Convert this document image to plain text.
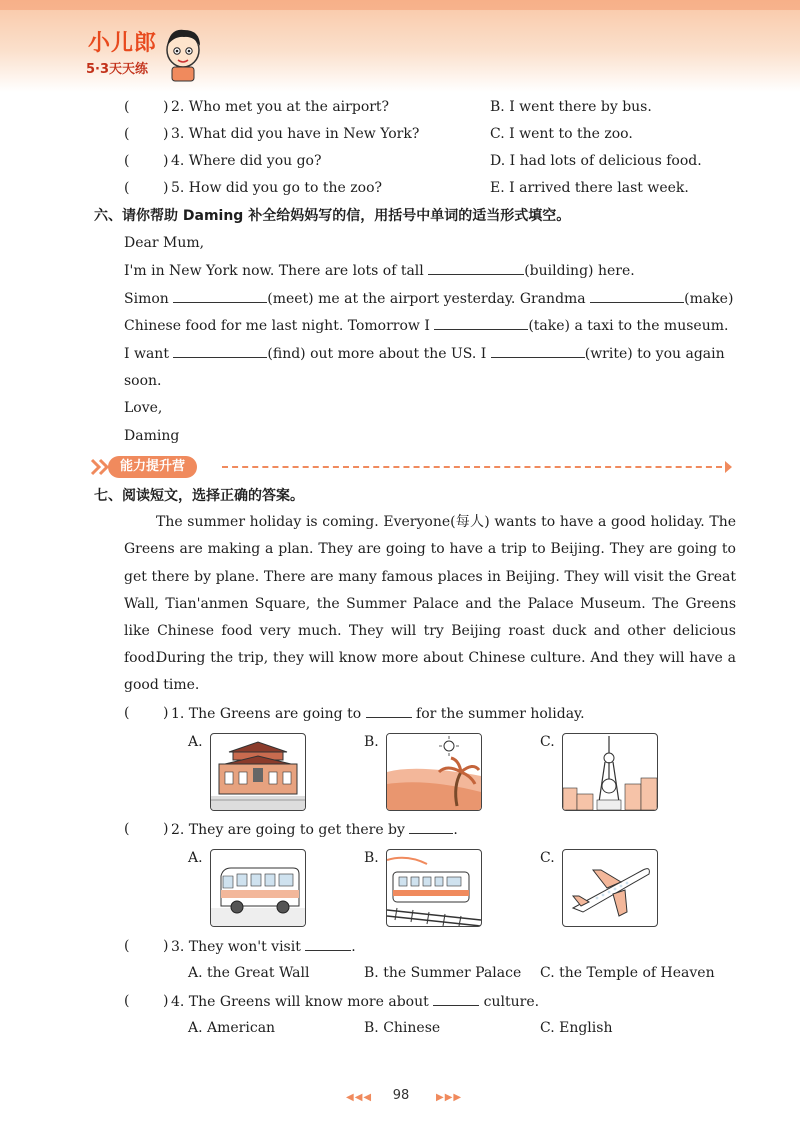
小儿郎
5·3天天练
( ) 2. Who met you at the airport?	B. I went there by bus.
( ) 3. What did you have in New York?	C. I went to the zoo.
( ) 4. Where did you go?	D. I had lots of delicious food.
( ) 5. How did you go to the zoo?	E. I arrived there last week.
六、请你帮助 Daming 补全给妈妈写的信，用括号中单词的适当形式填空。
Dear Mum,
I'm in New York now. There are lots of tall	(building) here.
Simon	(meet) me at the airport yesterday. Grandma	(make)
Chinese food for me last night. Tomorrow I	(take) a taxi to the museum.
I want	(find) out more about the US. I	(write) to you again
soon.
Love,
Daming
能力提升营
七、阅读短文，选择正确的答案。
The summer holiday is coming. Everyone(每人) wants to have a good holiday. The Greens are making a plan. They are going to have a trip to Beijing. They are going to get there by plane. There are many famous places in Beijing. They will visit the Great Wall, Tian'anmen Square, the Summer Palace and the Palace Museum. The Greens like Chinese food very much. They will try Beijing roast duck and other delicious food.
During the trip, they will know more about Chinese culture. And they will have a good time.
( ) 1. The Greens are going to	for the summer holiday.
A.	B.	C.
( ) 2. They are going to get there by	.
A.	B.	C.
( ) 3. They won't visit	.
A. the Great Wall	B. the Summer Palace C. the Temple of Heaven
( ) 4. The Greens will know more about	culture.
A. American	B. Chinese	C. English
◀◀◀	98	▶▶▶
